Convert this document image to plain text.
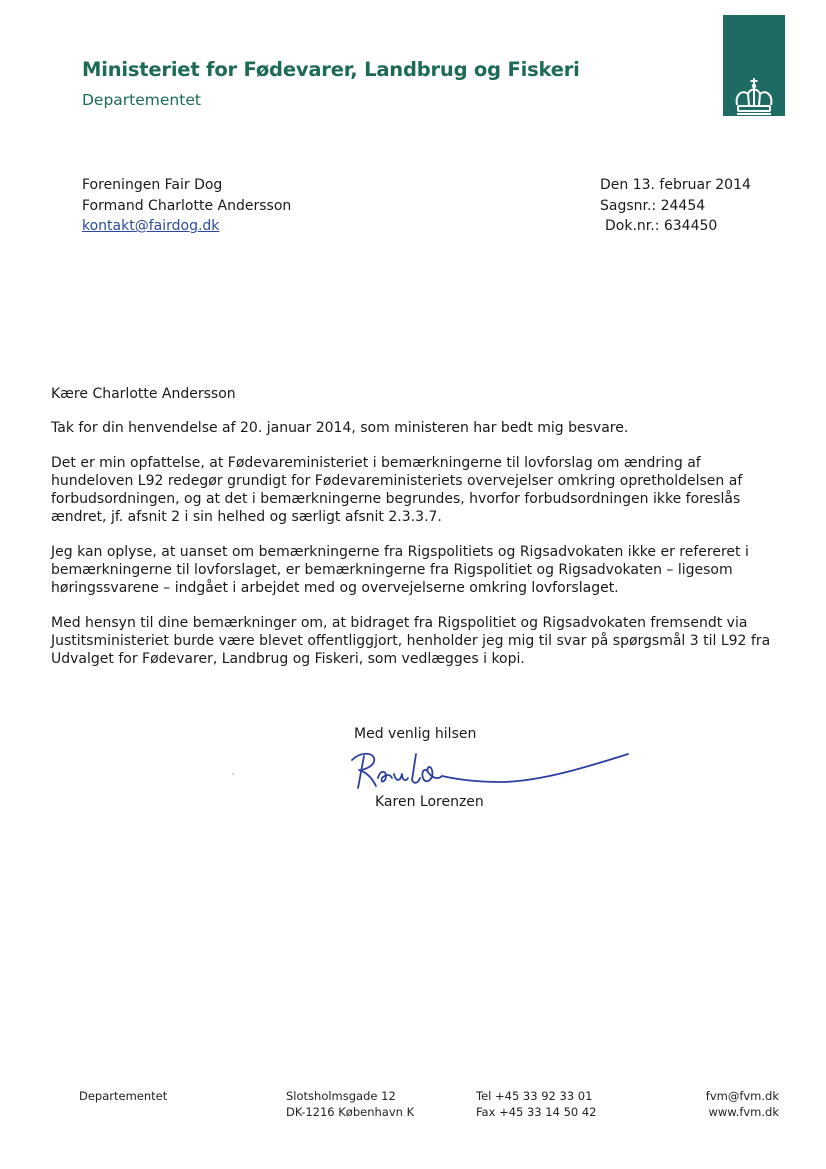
Ministeriet for Fødevarer, Landbrug og Fiskeri
Departementet
Foreningen Fair Dog
Formand Charlotte Andersson
kontakt@fairdog.dk
Den 13. februar 2014
Sagsnr.: 24454
Dok.nr.: 634450

Kære Charlotte Andersson

Tak for din henvendelse af 20. januar 2014, som ministeren har bedt mig besvare.

Det er min opfattelse, at Fødevareministeriet i bemærkningerne til lovforslag om ændring af hundeloven L92 redegør grundigt for Fødevareministeriets overvejelser omkring opretholdelsen af forbudsordningen, og at det i bemærkningerne begrundes, hvorfor forbudsordningen ikke foreslås ændret, jf. afsnit 2 i sin helhed og særligt afsnit 2.3.3.7.

Jeg kan oplyse, at uanset om bemærkningerne fra Rigspolitiets og Rigsadvokaten ikke er refereret i bemærkningerne til lovforslaget, er bemærkningerne fra Rigspolitiet og Rigsadvokaten – ligesom høringssvarene – indgået i arbejdet med og overvejelserne omkring lovforslaget.

Med hensyn til dine bemærkninger om, at bidraget fra Rigspolitiet og Rigsadvokaten fremsendt via Justitsministeriet burde være blevet offentliggjort, henholder jeg mig til svar på spørgsmål 3 til L92 fra Udvalget for Fødevarer, Landbrug og Fiskeri, som vedlægges i kopi.

Med venlig hilsen
Karen Lorenzen
Departementet	Slotsholmsgade 12
DK-1216 København K
Tel +45 33 92 33 01
Fax +45 33 14 50 42
fvm@fvm.dk
www.fvm.dk
